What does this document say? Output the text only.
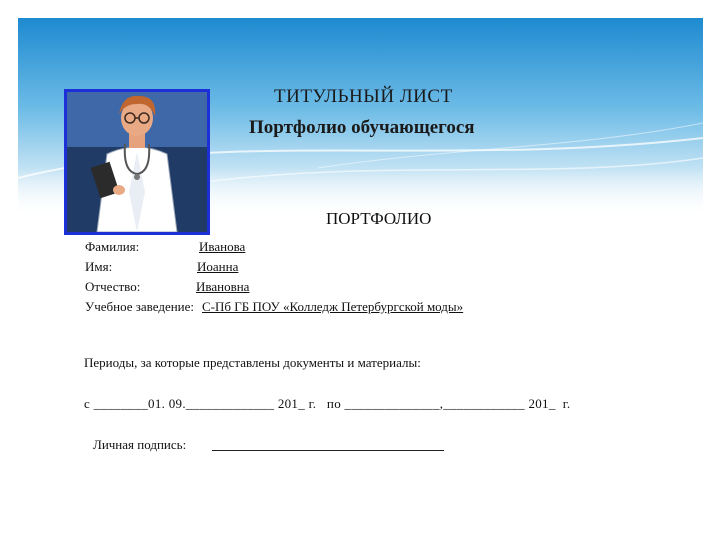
ТИТУЛЬНЫЙ ЛИСТ
Портфолио обучающегося
ПОРТФОЛИО
Фамилия:	Иванова
Имя:	Иоанна
Отчество:	Ивановна
Учебное заведение: С-Пб ГБ ПОУ «Колледж Петербургской моды»
Периоды, за которые представлены документы и материалы:
с ________01. 09._____________ 201_ г.   по ______________,____________ 201_  г.
Личная подпись:
